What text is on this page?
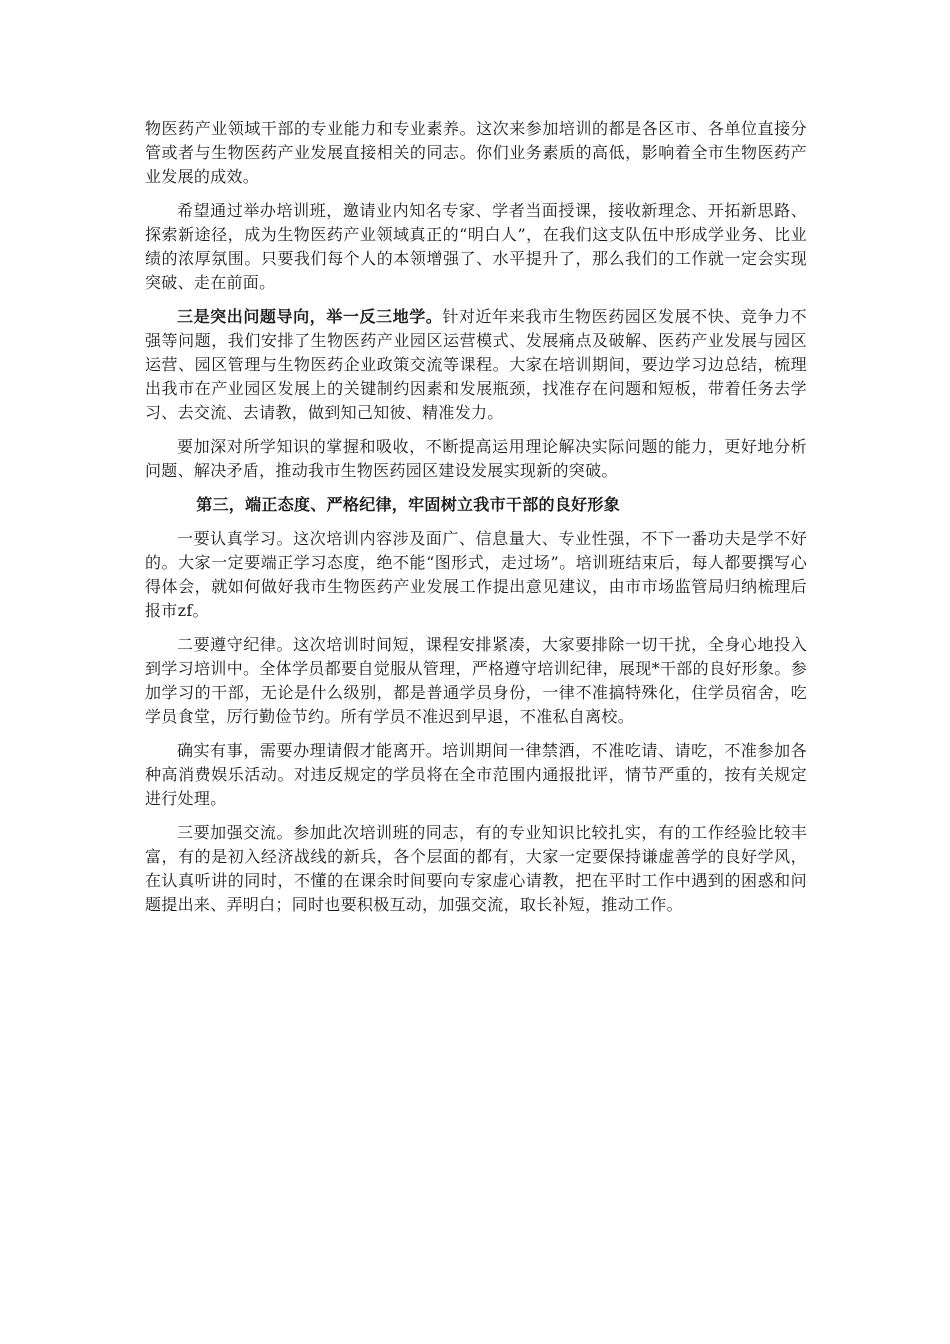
物医药产业领域干部的专业能力和专业素养。这次来参加培训的都是各区市、各单位直接分管或者与生物医药产业发展直接相关的同志。你们业务素质的高低，影响着全市生物医药产业发展的成效。

希望通过举办培训班，邀请业内知名专家、学者当面授课，接收新理念、开拓新思路、探索新途径，成为生物医药产业领域真正的“明白人”，在我们这支队伍中形成学业务、比业绩的浓厚氛围。只要我们每个人的本领增强了、水平提升了，那么我们的工作就一定会实现突破、走在前面。

三是突出问题导向，举一反三地学。针对近年来我市生物医药园区发展不快、竞争力不强等问题，我们安排了生物医药产业园区运营模式、发展痛点及破解、医药产业发展与园区运营、园区管理与生物医药企业政策交流等课程。大家在培训期间，要边学习边总结，梳理出我市在产业园区发展上的关键制约因素和发展瓶颈，找准存在问题和短板，带着任务去学习、去交流、去请教，做到知己知彼、精准发力。

要加深对所学知识的掌握和吸收，不断提高运用理论解决实际问题的能力，更好地分析问题、解决矛盾，推动我市生物医药园区建设发展实现新的突破。

第三，端正态度、严格纪律，牢固树立我市干部的良好形象

一要认真学习。这次培训内容涉及面广、信息量大、专业性强，不下一番功夫是学不好的。大家一定要端正学习态度，绝不能“图形式，走过场”。培训班结束后，每人都要撰写心得体会，就如何做好我市生物医药产业发展工作提出意见建议，由市市场监管局归纳梳理后报市zf。

二要遵守纪律。这次培训时间短，课程安排紧凑，大家要排除一切干扰，全身心地投入到学习培训中。全体学员都要自觉服从管理，严格遵守培训纪律，展现*干部的良好形象。参加学习的干部，无论是什么级别，都是普通学员身份，一律不准搞特殊化，住学员宿舍，吃学员食堂，厉行勤俭节约。所有学员不准迟到早退，不准私自离校。

确实有事，需要办理请假才能离开。培训期间一律禁酒，不准吃请、请吃，不准参加各种高消费娱乐活动。对违反规定的学员将在全市范围内通报批评，情节严重的，按有关规定进行处理。

三要加强交流。参加此次培训班的同志，有的专业知识比较扎实，有的工作经验比较丰富，有的是初入经济战线的新兵，各个层面的都有，大家一定要保持谦虚善学的良好学风，在认真听讲的同时，不懂的在课余时间要向专家虚心请教，把在平时工作中遇到的困惑和问题提出来、弄明白；同时也要积极互动，加强交流，取长补短，推动工作。
